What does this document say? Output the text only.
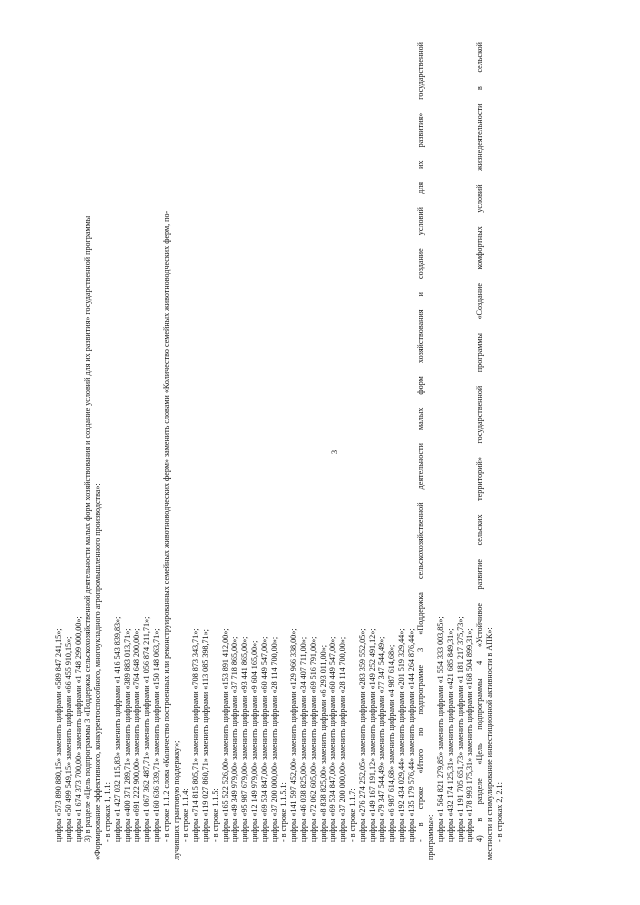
3
цифры «573 890 880,15» заменить цифрами «589 847 241,15»; цифры «50 499 549,15» заменить цифрами «66 455 910,15»; цифры «1 674 373 700,00» заменить цифрами «1 748 299 000,00»; 3) в разделе «Цель подпрограммы 3 «Поддержка сельскохозяйственной деятельности малых форм хозяйствования и создание условий для их развития» государственной программы «Формирование эффективного, конкурентоспособного, многоукладного агропромышленного производства»: - в строках 1, 1.1: цифры «1 427 032 115,83» заменить цифрами «1 416 543 839,83»; цифры «400 371 289,71» заменить цифрами «389 883 013,71»; цифры «691 222 900,00» заменить цифрами «764 648 200,00»; цифры «1 067 362 487,71» заменить цифрами «1 056 874 211,71»; цифры «160 636 339,71» заменить цифрами «150 148 063,71»; - в строке 1.1.2 слова «Количество построенных или реконструированных семейных животноводческих ферм» заменить словами «Количество семейных животноводческих ферм, по- лучивших грантовую поддержку»; - в строке 1.1.4: цифры «714 815 805,71» заменить цифрами «708 873 343,71»; цифры «119 027 860,71» заменить цифрами «113 085 398,71»; - в строке 1.1.5: цифры «165 522 526,00» заменить цифрами «153 891 412,00»; цифры «49 349 979,00» заменить цифрами «37 718 865,00»; цифры «95 987 679,00» заменить цифрами «93 441 865,00»; цифры «12 149 979,00» заменить цифрами «9 604 165,00»; цифры «69 534 847,00» заменить цифрами «60 449 547,00»; цифры «37 200 000,00» заменить цифрами «28 114 700,00»; - в строке 1.1.5.1: цифры «141 597 452,00» заменить цифрами «129 966 338,00»; цифры «46 038 825,00» заменить цифрами «34 407 711,00»; цифры «72 062 605,00» заменить цифрами «69 516 791,00»; цифры «8 838 825,00» заменить цифрами «6 293 011,00»; цифры «69 534 847,00» заменить цифрами «60 449 547,00»; цифры «37 200 000,00» заменить цифрами «28 114 700,00»; - в строке 1.1.7: цифры «276 274 252,05» заменить цифрами «283 359 552,05»; цифры «149 167 191,12» заменить цифрами «149 252 491,12»; цифры «79 347 544,49» заменить цифрами «77 347 544,49»; цифры «6 987 614,68» заменить цифрами «4 987 614,68»; цифры «192 434 029,44» заменить цифрами «201 519 329,44»; цифры «135 179 576,44» заменить цифрами «144 264 876,44»; - в строке «Итого по подпрограмме 3 «Поддержка сельскохозяйственной деятельности малых форм хозяйствования и создание условий для их развития» государственной программы»: цифры «1 564 821 279,85» заменить цифрами «1 554 333 003,85»; цифры «432 174 125,31» заменить цифрами «421 685 849,31»; цифры «1 191 705 651,73» заменить цифрами «1 181 217 375,73»; цифры «178 993 175,31» заменить цифрами «168 504 899,31»; 4) в разделе «Цель подпрограммы 4 «Устойчивое развитие сельских территорий» государственной программы «Создание комфортных условий жизнедеятельности в сельской местности и стимулирование инвестиционной активности в АПК»: - в строках 2, 2.1:
